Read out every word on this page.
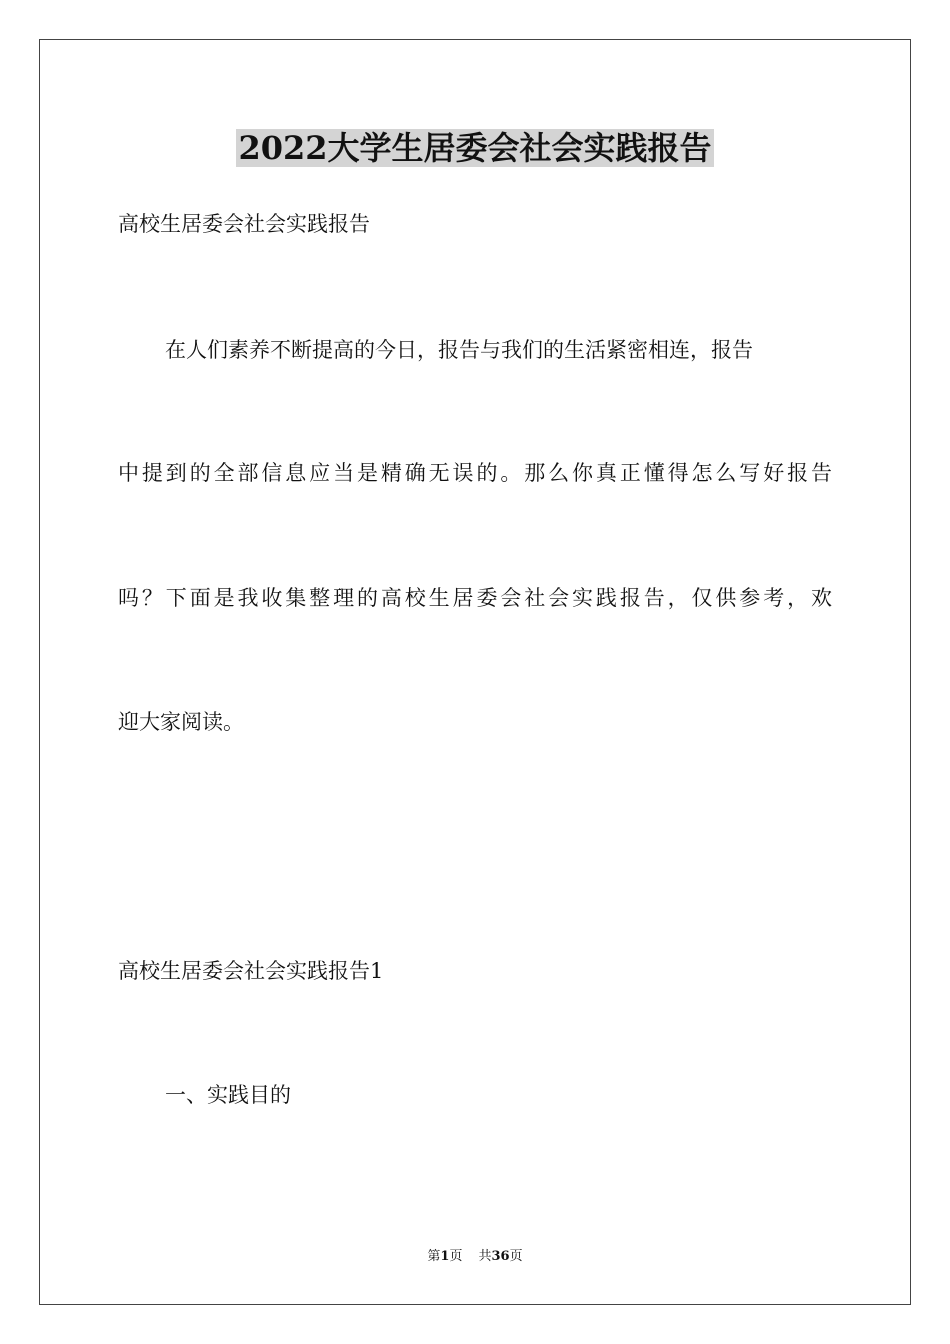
2022大学生居委会社会实践报告
高校生居委会社会实践报告
在人们素养不断提高的今日，报告与我们的生活紧密相连，报告
中提到的全部信息应当是精确无误的。那么你真正懂得怎么写好报告
吗？下面是我收集整理的高校生居委会社会实践报告，仅供参考，欢
迎大家阅读。
高校生居委会社会实践报告1
一、实践目的
第1页 共36页
